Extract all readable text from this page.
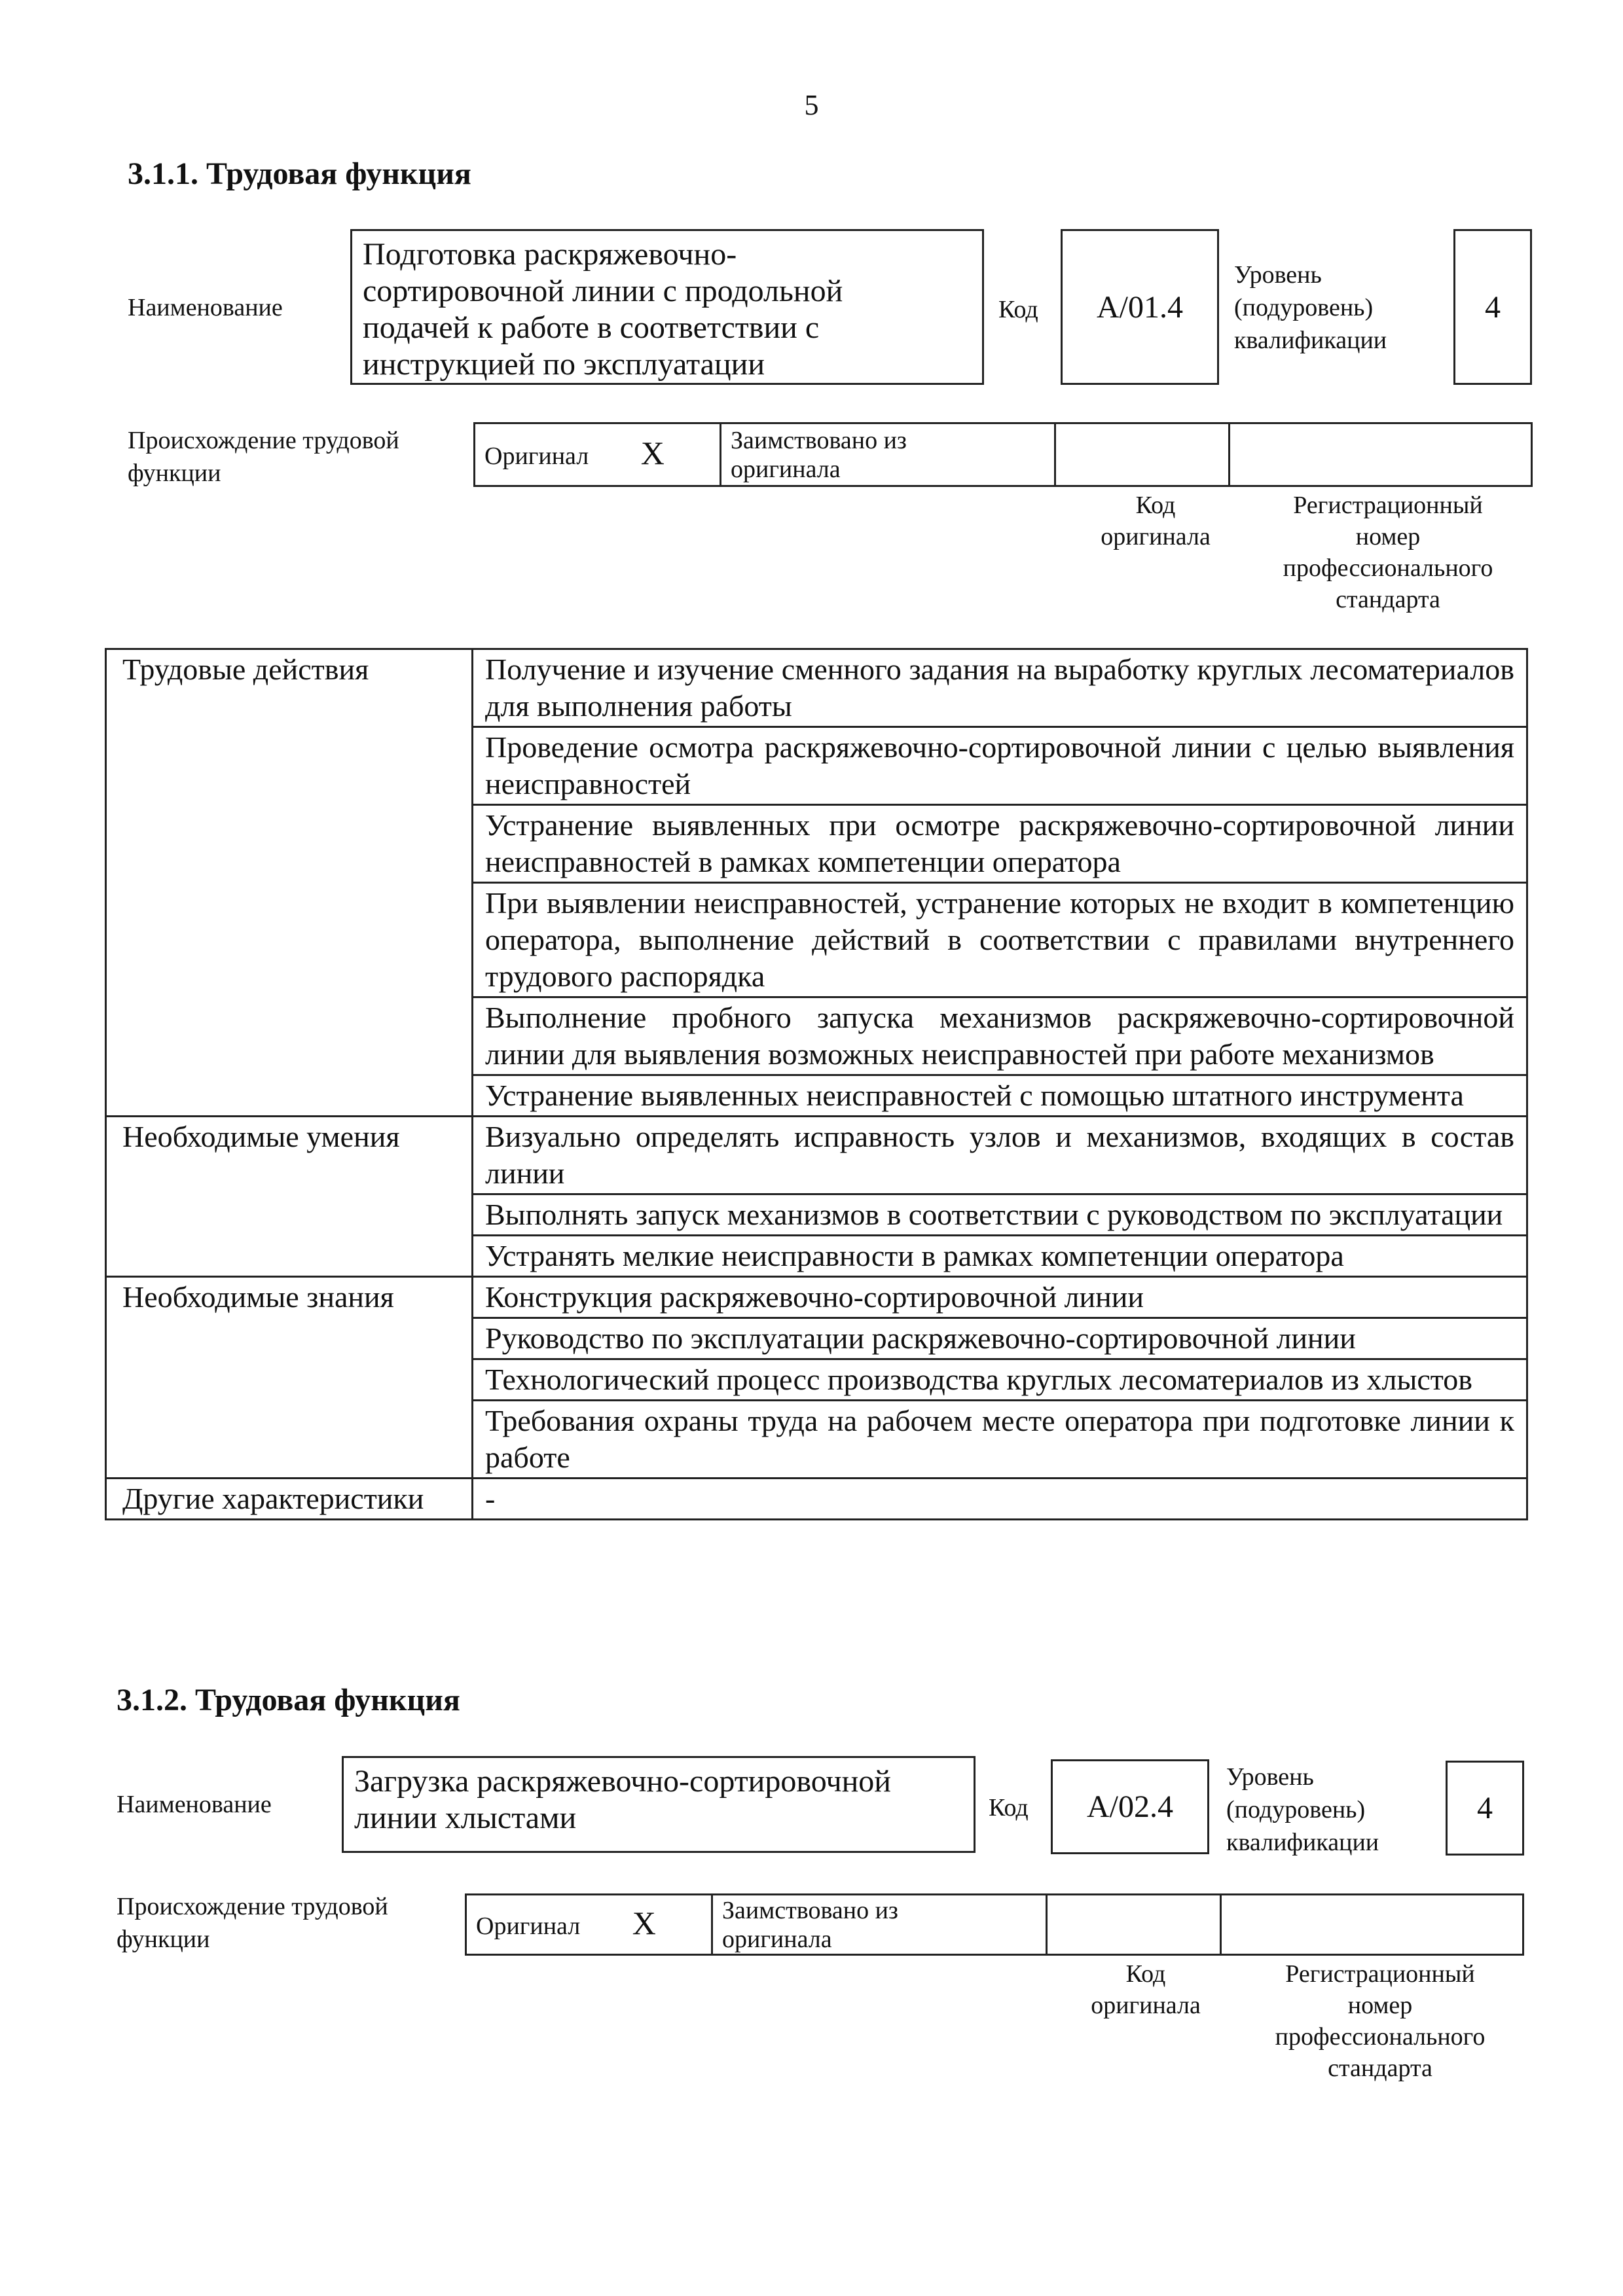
5
3.1.1. Трудовая функция
Наименование
Подготовка раскряжевочно-
сортировочной линии с продольной
подачей к работе в соответствии с
инструкцией по эксплуатации
Код A/01.4
Уровень
(подуровень)
квалификации
4
Происхождение трудовой
функции
Оригинал X	Заимствовано из
оригинала

Код
оригинала
Регистрационный
номер
профессионального
стандарта
Трудовые действия	Получение и изучение сменного задания на выработку круглых лесоматериалов для выполнения работы
	Проведение осмотра раскряжевочно-сортировочной линии с целью выявления неисправностей
	Устранение выявленных при осмотре раскряжевочно-сортировочной линии неисправностей в рамках компетенции оператора
	При выявлении неисправностей, устранение которых не входит в компетенцию оператора, выполнение действий в соответствии с правилами внутреннего трудового распорядка
	Выполнение пробного запуска механизмов раскряжевочно-сортировочной линии для выявления возможных неисправностей при работе механизмов
	Устранение выявленных неисправностей с помощью штатного инструмента
Необходимые умения	Визуально определять исправность узлов и механизмов, входящих в состав линии
	Выполнять запуск механизмов в соответствии с руководством по эксплуатации
	Устранять мелкие неисправности в рамках компетенции оператора
Необходимые знания	Конструкция раскряжевочно-сортировочной линии
	Руководство по эксплуатации раскряжевочно-сортировочной линии
	Технологический процесс производства круглых лесоматериалов из хлыстов
	Требования охраны труда на рабочем месте оператора при подготовке линии к работе
Другие характеристики	-
3.1.2. Трудовая функция
Наименование
Загрузка раскряжевочно-сортировочной
линии хлыстами	Код A/02.4
Уровень
(подуровень)
квалификации
4
Происхождение трудовой
функции	Оригинал X	Заимствовано из
оригинала

Код
оригинала
Регистрационный
номер
профессионального
стандарта
